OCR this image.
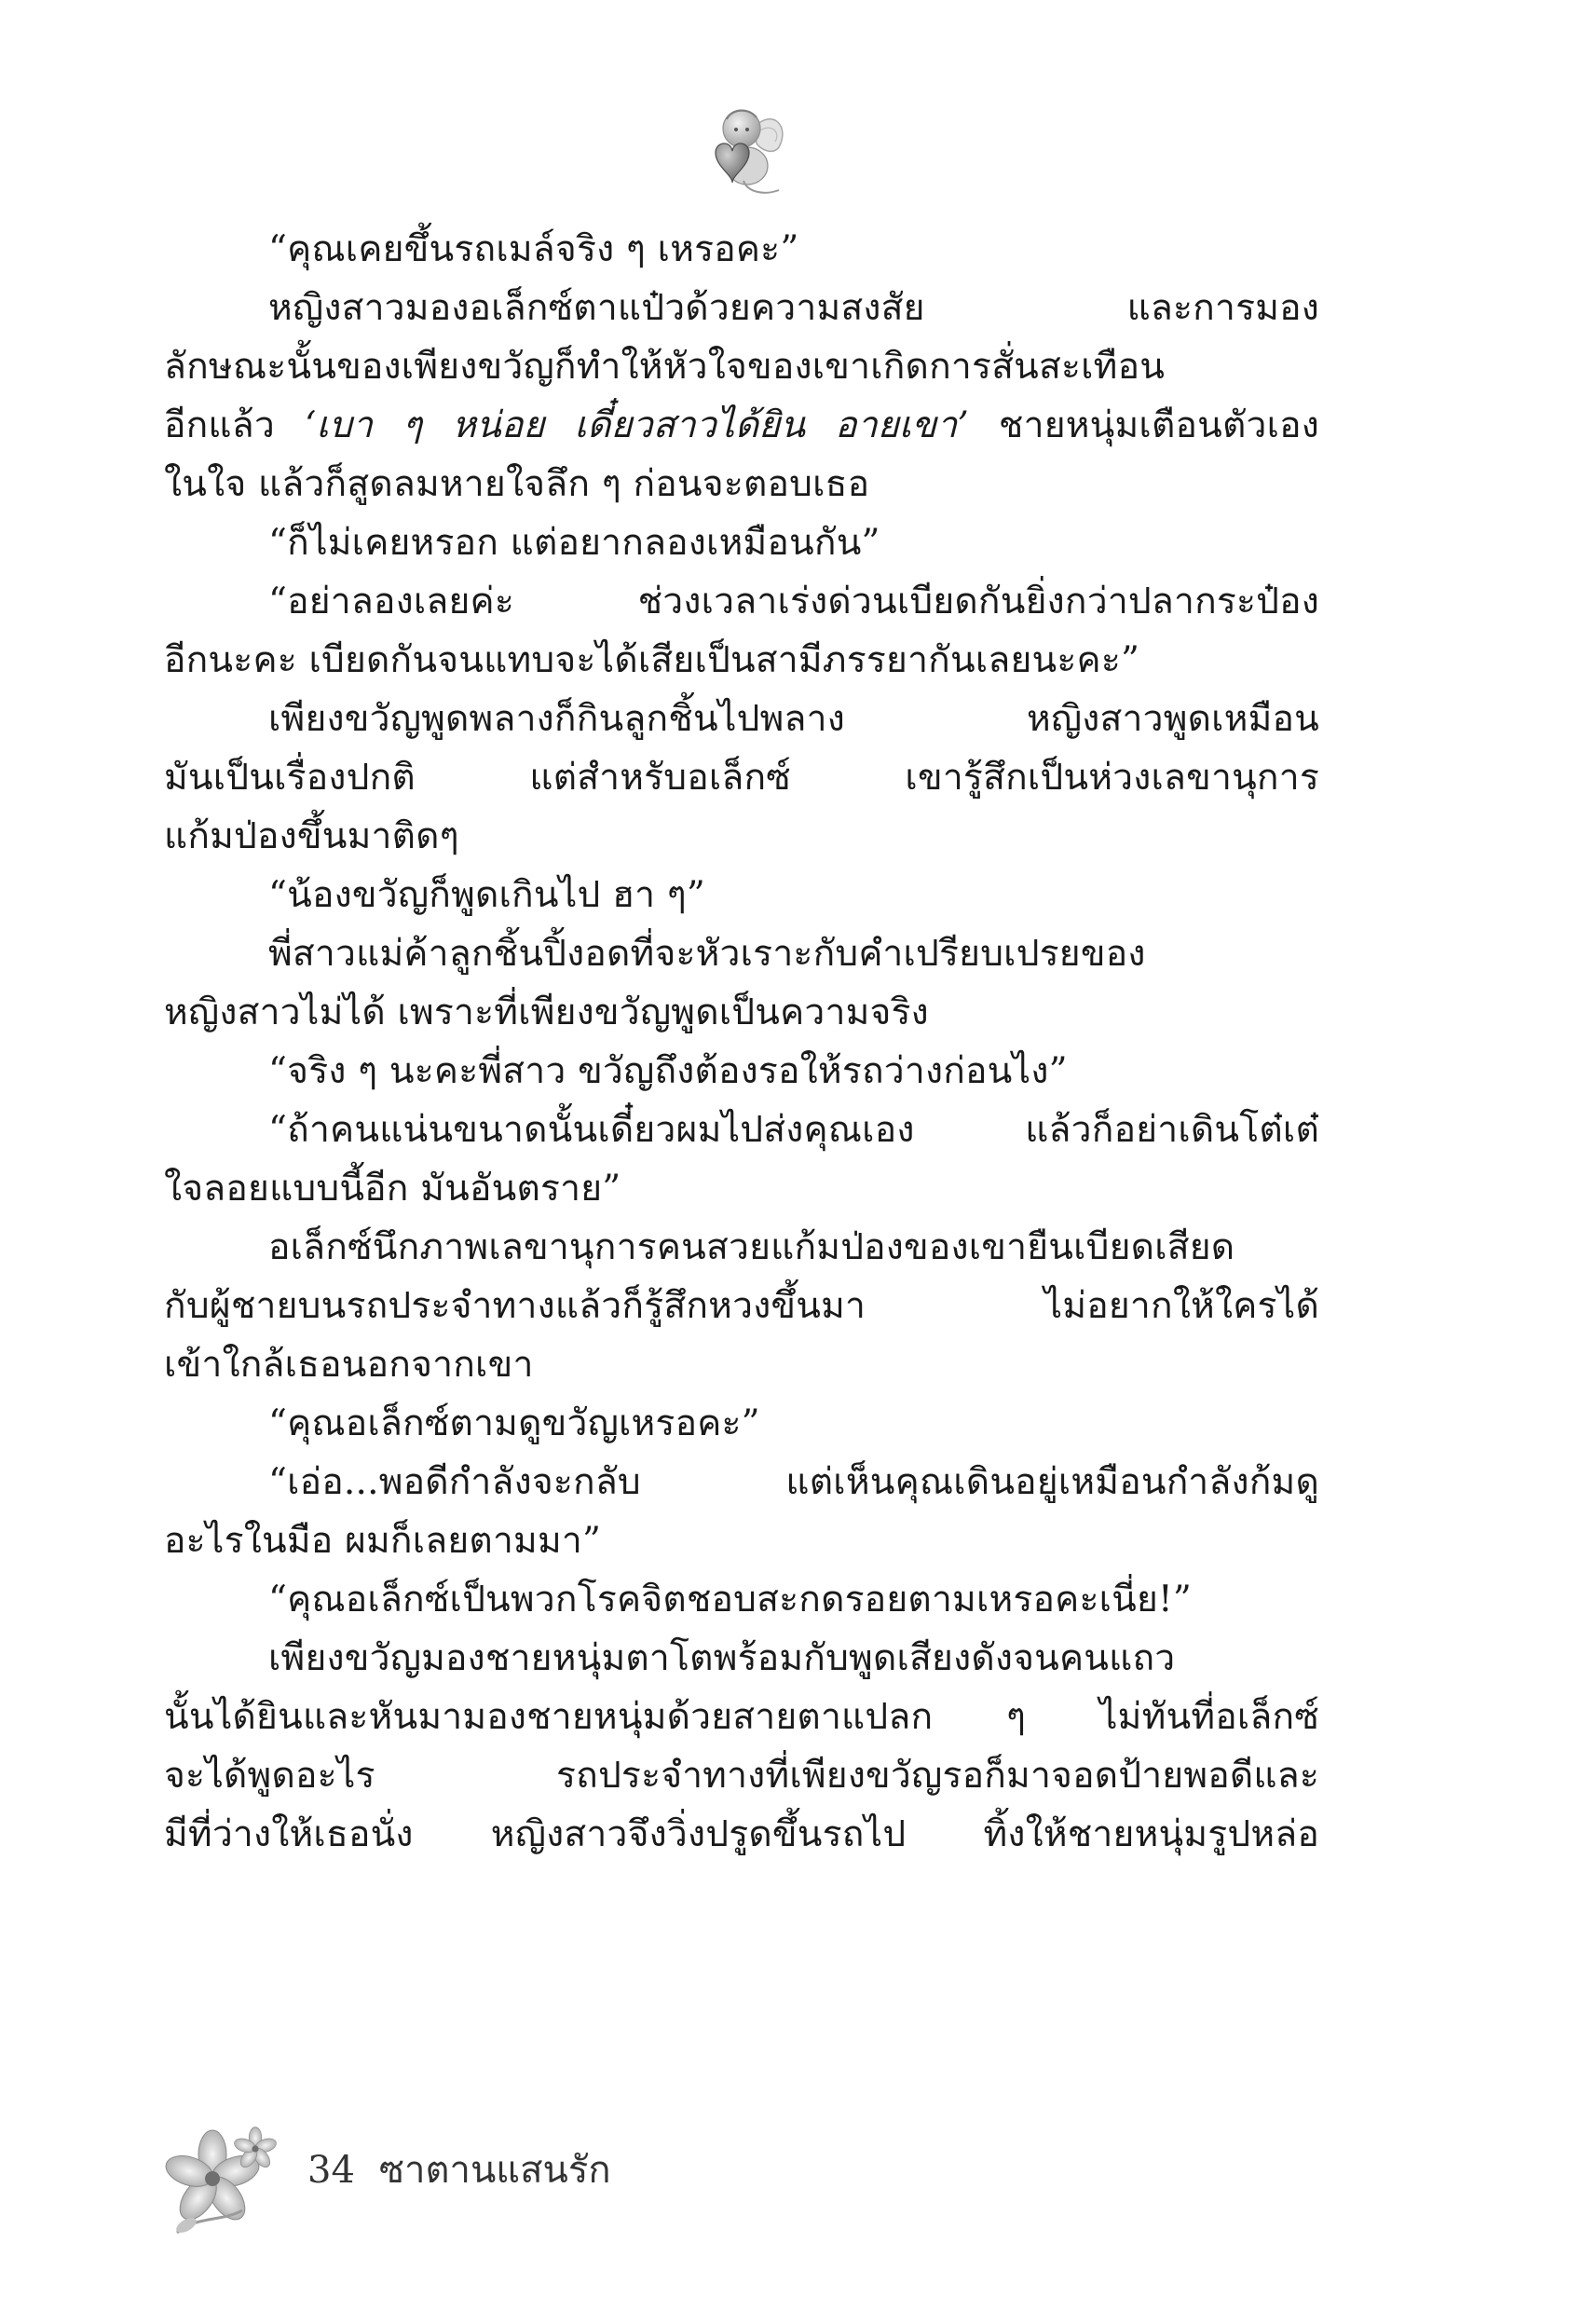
“คุณเคยขึ้นรถเมล์จริง ๆ เหรอคะ”
หญิงสาวมองอเล็กซ์ตาแป๋วด้วยความสงสัย และการมอง
ลักษณะนั้นของเพียงขวัญก็ทำให้หัวใจของเขาเกิดการสั่นสะเทือน
อีกแล้ว ‘เบา ๆ หน่อย เดี๋ยวสาวได้ยิน อายเขา’ ชายหนุ่มเตือนตัวเอง
ในใจ แล้วก็สูดลมหายใจลึก ๆ ก่อนจะตอบเธอ
“ก็ไม่เคยหรอก แต่อยากลองเหมือนกัน”
“อย่าลองเลยค่ะ ช่วงเวลาเร่งด่วนเบียดกันยิ่งกว่าปลากระป๋อง
อีกนะคะ เบียดกันจนแทบจะได้เสียเป็นสามีภรรยากันเลยนะคะ”
เพียงขวัญพูดพลางก็กินลูกชิ้นไปพลาง หญิงสาวพูดเหมือน
มันเป็นเรื่องปกติ แต่สำหรับอเล็กซ์ เขารู้สึกเป็นห่วงเลขานุการ
แก้มป่องขึ้นมาติดๆ
“น้องขวัญก็พูดเกินไป ฮา ๆ”
พี่สาวแม่ค้าลูกชิ้นปิ้งอดที่จะหัวเราะกับคำเปรียบเปรยของ
หญิงสาวไม่ได้ เพราะที่เพียงขวัญพูดเป็นความจริง
“จริง ๆ นะคะพี่สาว ขวัญถึงต้องรอให้รถว่างก่อนไง”
“ถ้าคนแน่นขนาดนั้นเดี๋ยวผมไปส่งคุณเอง แล้วก็อย่าเดินโต๋เต๋
ใจลอยแบบนี้อีก มันอันตราย”
อเล็กซ์นึกภาพเลขานุการคนสวยแก้มป่องของเขายืนเบียดเสียด
กับผู้ชายบนรถประจำทางแล้วก็รู้สึกหวงขึ้นมา ไม่อยากให้ใครได้
เข้าใกล้เธอนอกจากเขา
“คุณอเล็กซ์ตามดูขวัญเหรอคะ”
“เอ่อ...พอดีกำลังจะกลับ แต่เห็นคุณเดินอยู่เหมือนกำลังก้มดู
อะไรในมือ ผมก็เลยตามมา”
“คุณอเล็กซ์เป็นพวกโรคจิตชอบสะกดรอยตามเหรอคะเนี่ย!”
เพียงขวัญมองชายหนุ่มตาโตพร้อมกับพูดเสียงดังจนคนแถว
นั้นได้ยินและหันมามองชายหนุ่มด้วยสายตาแปลก ๆ ไม่ทันที่อเล็กซ์
จะได้พูดอะไร รถประจำทางที่เพียงขวัญรอก็มาจอดป้ายพอดีและ
มีที่ว่างให้เธอนั่ง หญิงสาวจึงวิ่งปรูดขึ้นรถไป ทิ้งให้ชายหนุ่มรูปหล่อ
34 ซาตานแสนรัก
